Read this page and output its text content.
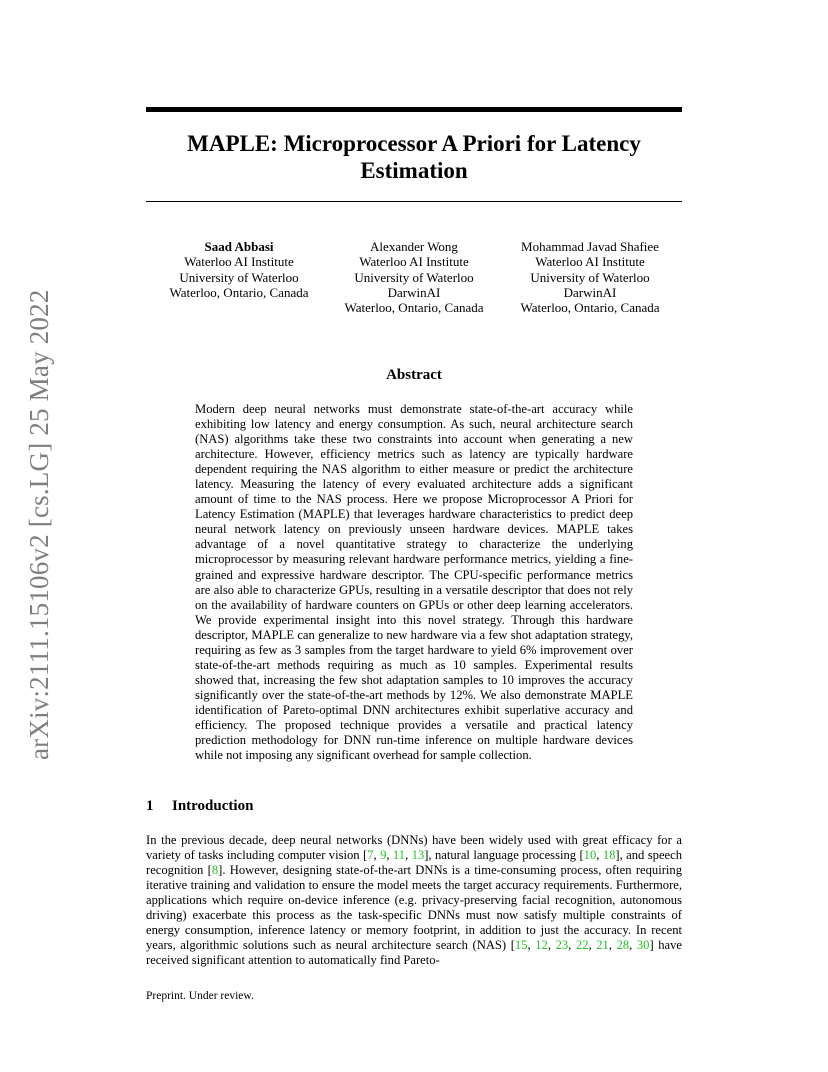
arXiv:2111.15106v2 [cs.LG] 25 May 2022
MAPLE: Microprocessor A Priori for Latency
Estimation
Saad Abbasi
Waterloo AI Institute
University of Waterloo
Waterloo, Ontario, Canada
Alexander Wong
Waterloo AI Institute
University of Waterloo
DarwinAI
Waterloo, Ontario, Canada
Mohammad Javad Shafiee
Waterloo AI Institute
University of Waterloo
DarwinAI
Waterloo, Ontario, Canada
Abstract
Modern deep neural networks must demonstrate state-of-the-art accuracy while exhibiting low latency and energy consumption. As such, neural architecture search (NAS) algorithms take these two constraints into account when generating a new architecture. However, efficiency metrics such as latency are typically hardware dependent requiring the NAS algorithm to either measure or predict the architecture latency. Measuring the latency of every evaluated architecture adds a significant amount of time to the NAS process. Here we propose Microprocessor A Priori for Latency Estimation (MAPLE) that leverages hardware characteristics to predict deep neural network latency on previously unseen hardware devices. MAPLE takes advantage of a novel quantitative strategy to characterize the underlying microprocessor by measuring relevant hardware performance metrics, yielding a fine-grained and expressive hardware descriptor. The CPU-specific performance metrics are also able to characterize GPUs, resulting in a versatile descriptor that does not rely on the availability of hardware counters on GPUs or other deep learning accelerators. We provide experimental insight into this novel strategy. Through this hardware descriptor, MAPLE can generalize to new hardware via a few shot adaptation strategy, requiring as few as 3 samples from the target hardware to yield 6% improvement over state-of-the-art methods requiring as much as 10 samples. Experimental results showed that, increasing the few shot adaptation samples to 10 improves the accuracy significantly over the state-of-the-art methods by 12%. We also demonstrate MAPLE identification of Pareto-optimal DNN architectures exhibit superlative accuracy and efficiency. The proposed technique provides a versatile and practical latency prediction methodology for DNN run-time inference on multiple hardware devices while not imposing any significant overhead for sample collection.
1 Introduction
In the previous decade, deep neural networks (DNNs) have been widely used with great efficacy for a variety of tasks including computer vision [7, 9, 11, 13], natural language processing [10, 18], and speech recognition [8]. However, designing state-of-the-art DNNs is a time-consuming process, often requiring iterative training and validation to ensure the model meets the target accuracy requirements. Furthermore, applications which require on-device inference (e.g. privacy-preserving facial recognition, autonomous driving) exacerbate this process as the task-specific DNNs must now satisfy multiple constraints of energy consumption, inference latency or memory footprint, in addition to just the accuracy. In recent years, algorithmic solutions such as neural architecture search (NAS) [15, 12, 23, 22, 21, 28, 30] have received significant attention to automatically find Pareto-
Preprint. Under review.
